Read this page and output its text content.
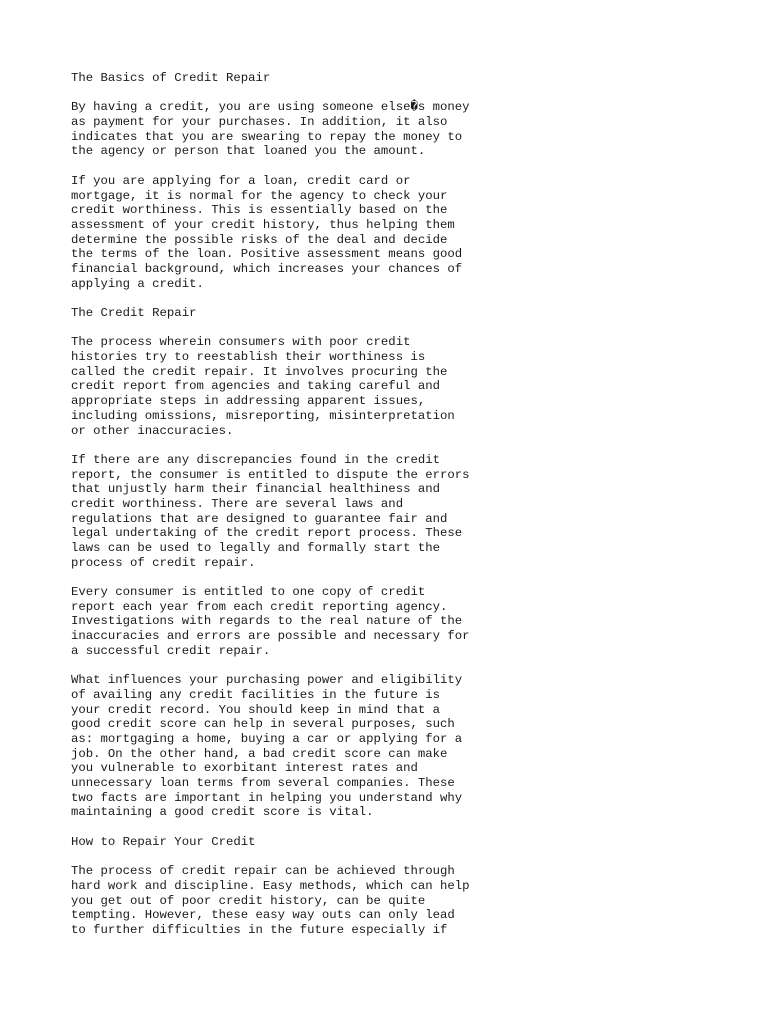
The Basics of Credit Repair
By having a credit, you are using someone else�s money
as payment for your purchases. In addition, it also
indicates that you are swearing to repay the money to
the agency or person that loaned you the amount.
If you are applying for a loan, credit card or
mortgage, it is normal for the agency to check your
credit worthiness. This is essentially based on the
assessment of your credit history, thus helping them
determine the possible risks of the deal and decide
the terms of the loan. Positive assessment means good
financial background, which increases your chances of
applying a credit.
The Credit Repair
The process wherein consumers with poor credit
histories try to reestablish their worthiness is
called the credit repair. It involves procuring the
credit report from agencies and taking careful and
appropriate steps in addressing apparent issues,
including omissions, misreporting, misinterpretation
or other inaccuracies.
If there are any discrepancies found in the credit
report, the consumer is entitled to dispute the errors
that unjustly harm their financial healthiness and
credit worthiness. There are several laws and
regulations that are designed to guarantee fair and
legal undertaking of the credit report process. These
laws can be used to legally and formally start the
process of credit repair.
Every consumer is entitled to one copy of credit
report each year from each credit reporting agency.
Investigations with regards to the real nature of the
inaccuracies and errors are possible and necessary for
a successful credit repair.
What influences your purchasing power and eligibility
of availing any credit facilities in the future is
your credit record. You should keep in mind that a
good credit score can help in several purposes, such
as: mortgaging a home, buying a car or applying for a
job. On the other hand, a bad credit score can make
you vulnerable to exorbitant interest rates and
unnecessary loan terms from several companies. These
two facts are important in helping you understand why
maintaining a good credit score is vital.
How to Repair Your Credit
The process of credit repair can be achieved through
hard work and discipline. Easy methods, which can help
you get out of poor credit history, can be quite
tempting. However, these easy way outs can only lead
to further difficulties in the future especially if
